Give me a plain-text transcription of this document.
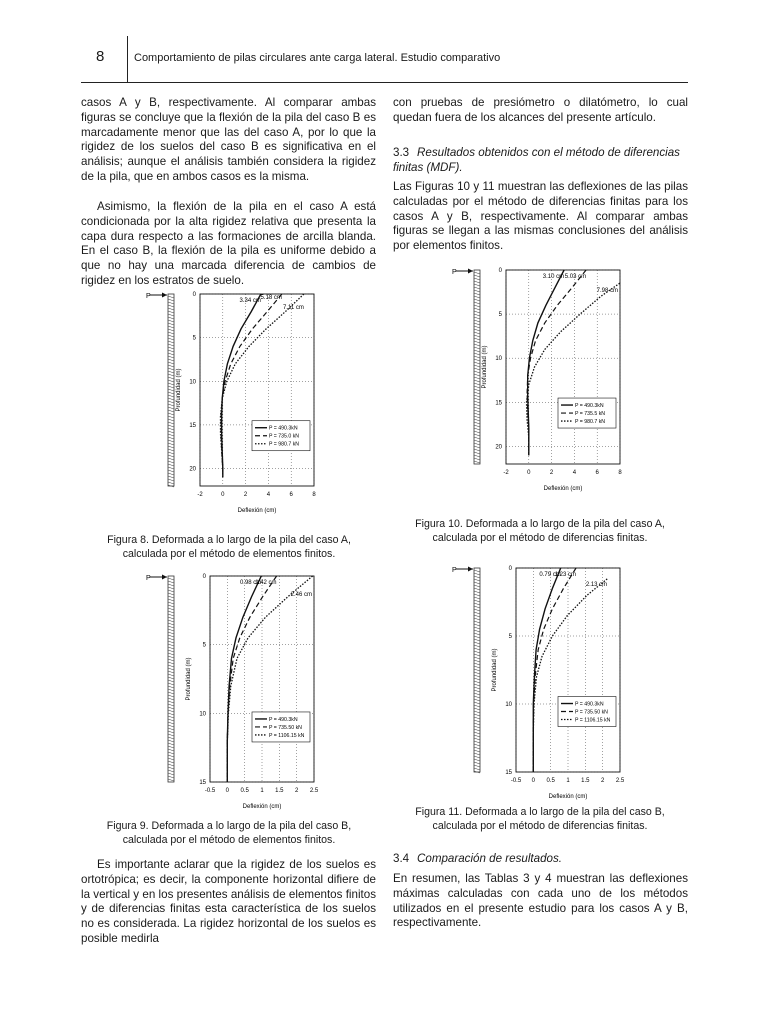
8	Comportamiento de pilas circulares ante carga lateral. Estudio comparativo

casos A y B, respectivamente. Al comparar ambas figuras se concluye que la flexión de la pila del caso B es marcadamente menor que las del caso A, por lo que la rigidez de los suelos del caso B es significativa en el análisis; aunque el análisis también considera la rigidez de la pila, que en ambos casos es la misma.

Asimismo, la flexión de la pila en el caso A está condicionada por la alta rigidez relativa que presenta la capa dura respecto a las formaciones de arcilla blanda. En el caso B, la flexión de la pila es uniforme debido a que no hay una marcada diferencia de cambios de rigidez en los estratos de suelo.

P
-2	0	2	4	6	8
0
5
10
15
20
Deflexión (cm)
Profundidad (m)
3.34 cm 5.18 cm
7.11 cm
P = 490.3kN
P = 735.0 kN
P = 980.7 kN

Figura 8. Deformada a lo largo de la pila del caso A, calculada por el método de elementos finitos.

P
-0.5 0 0.5 1 1.5 2 2.5
0
5
10
15
Deflexión (cm)
Profundidad (m)
0.98 cm
1.42 cm
2.46 cm
P = 490.3kN
P = 735.50 kN
P = 1106.15 kN

Figura 9. Deformada a lo largo de la pila del caso B, calculada por el método de elementos finitos.

Es importante aclarar que la rigidez de los suelos es ortotrópica; es decir, la componente horizontal difiere de la vertical y en los presentes análisis de elementos finitos y de diferencias finitas esta característica de los suelos no es considerada. La rigidez horizontal de los suelos es posible medirla

con pruebas de presiómetro o dilatómetro, lo cual quedan fuera de los alcances del presente artículo.

3.3 Resultados obtenidos con el método de diferencias finitas (MDF).

Las Figuras 10 y 11 muestran las deflexiones de las pilas calculadas por el método de diferencias finitas para los casos A y B, respectivamente. Al comparar ambas figuras se llegan a las mismas conclusiones del análisis por elementos finitos.

P
-2	0	2	4	6	8
0
5
10
15
20
Deflexión (cm)
Profundidad (m)
3.10 cm 5.03 cm
7.98 cm
P = 490.3kN
P = 735.5 kN
P = 980.7 kN

Figura 10. Deformada a lo largo de la pila del caso A, calculada por el método de diferencias finitas.

P
-0.5 0 0.5 1 1.5 2 2.5
0
5
10
15
Deflexión (cm)
Profundidad (m)
0.79 cm
1.23 cm
2.13 cm
P = 490.3kN
P = 735.50 kN
P = 1106.15 kN

Figura 11. Deformada a lo largo de la pila del caso B, calculada por el método de diferencias finitas.

3.4 Comparación de resultados.

En resumen, las Tablas 3 y 4 muestran las deflexiones máximas calculadas con cada uno de los métodos utilizados en el presente estudio para los casos A y B, respectivamente.
